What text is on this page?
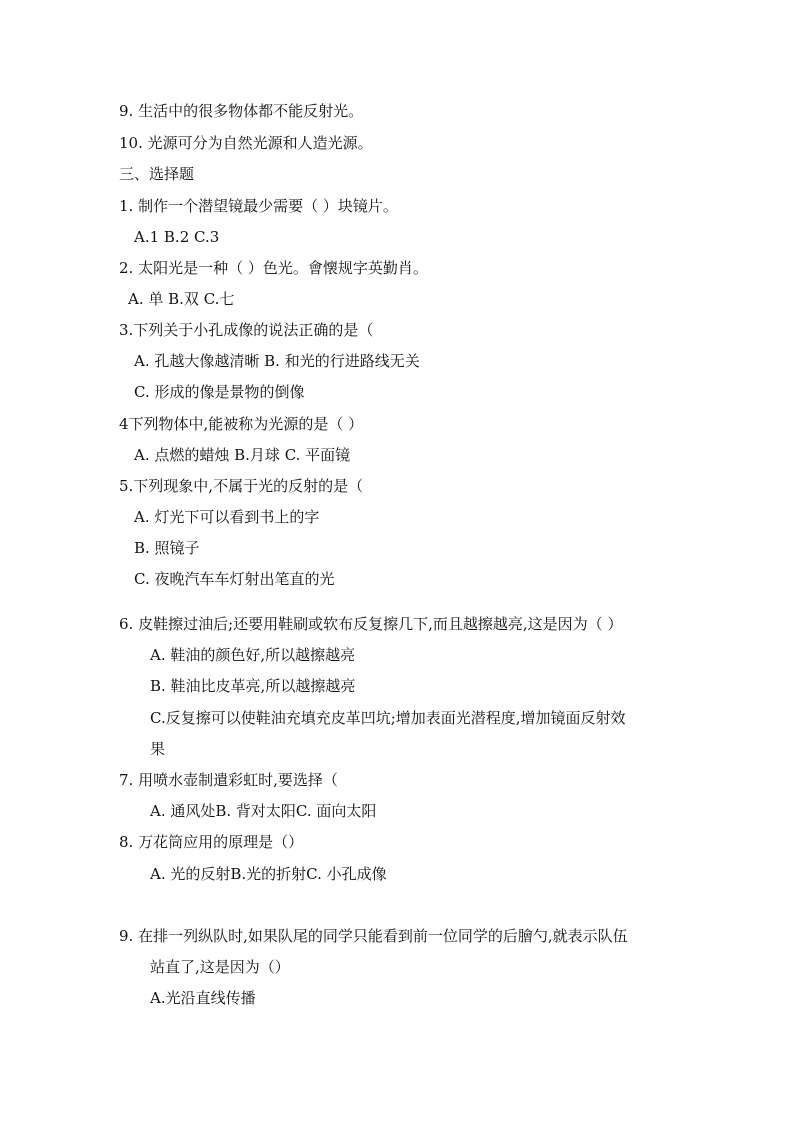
9. 生活中的很多物体都不能反射光。
10. 光源可分为自然光源和人造光源。
三、选择题
1. 制作一个潜望镜最少需要（ ）块镜片。
A.1 B.2 C.3
2. 太阳光是一种（ ）色光。會懐规字英勤肖。
A. 单 B.双 C.七
3.下列关于小孔成像的说法正确的是（
A. 孔越大像越清晰 B. 和光的行进路线无关
C. 形成的像是景物的倒像
4下列物体中,能被称为光源的是（ ）
A. 点燃的蜡烛 B.月球 C. 平面镜
5.下列现象中,不属于光的反射的是（
A. 灯光下可以看到书上的字
B. 照镜子
C. 夜晚汽车车灯射出笔直的光
6. 皮鞋擦过油后;还要用鞋刷或软布反复擦几下,而且越擦越亮,这是因为（ ）
A. 鞋油的颜色好,所以越擦越亮
B. 鞋油比皮革亮,所以越擦越亮
C.反复擦可以使鞋油充填充皮革凹坑;增加表面光潜程度,增加镜面反射效
果
7. 用喷水壶制遣彩虹时,要选择（
A. 通风处B. 背对太阳C. 面向太阳
8. 万花筒应用的原理是（）
A. 光的反射B.光的折射C. 小孔成像
9. 在排一列纵队时,如果队尾的同学只能看到前一位同学的后膾勺,就表示队伍
站直了,这是因为（）
A.光沿直线传播
